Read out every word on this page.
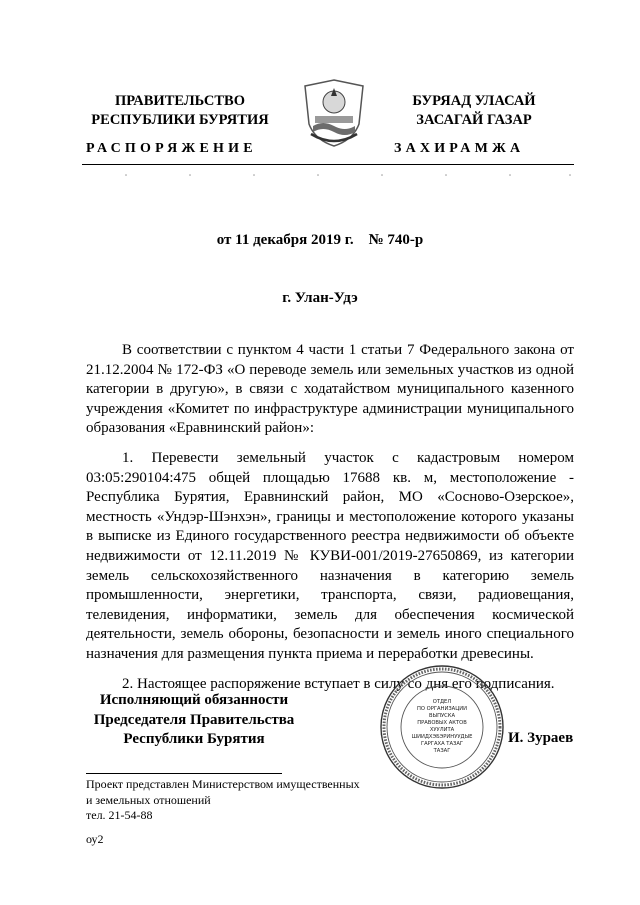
ПРАВИТЕЛЬСТВО
РЕСПУБЛИКИ БУРЯТИЯ
РАСПОРЯЖЕНИЕ
БУРЯАД УЛАСАЙ
ЗАСАГАЙ ГАЗАР
ЗАХИРАМЖА
от 11 декабря 2019 г.    № 740-р
г. Улан-Удэ

В соответствии с пунктом 4 части 1 статьи 7 Федерального закона от 21.12.2004 № 172-ФЗ «О переводе земель или земельных участков из одной категории в другую», в связи с ходатайством муниципального казенного учреждения «Комитет по инфраструктуре администрации муниципального образования «Еравнинский район»:

1. Перевести земельный участок с кадастровым номером 03:05:290104:475 общей площадью 17688 кв. м, местоположение - Республика Бурятия, Еравнинский район, МО «Сосново-Озерское», местность «Ундэр-Шэнхэн», границы и местоположение которого указаны в выписке из Единого государственного реестра недвижимости об объекте недвижимости от 12.11.2019 № КУВИ-001/2019-27650869, из категории земель сельскохозяйственного назначения в категорию земель промышленности, энергетики, транспорта, связи, радиовещания, телевидения, информатики, земель для обеспечения космической деятельности, земель обороны, безопасности и земель иного специального назначения для размещения пункта приема и переработки древесины.

2. Настоящее распоряжение вступает в силу со дня его подписания.

Исполняющий обязанности
Председателя Правительства
Республики Бурятия
ОТДЕЛ
ПО ОРГАНИЗАЦИИ
ВЫПУСКА
ПРАВОВЫХ АКТОВ
ХУУЛИТА
ШИИДХЭБЭРИНУУДЫЕ
ГАРГАХА ТАЗАГ
ТАЗАГ
И. Зураев
Проект представлен Министерством имущественных
и земельных отношений
тел. 21-54-88
оу2
